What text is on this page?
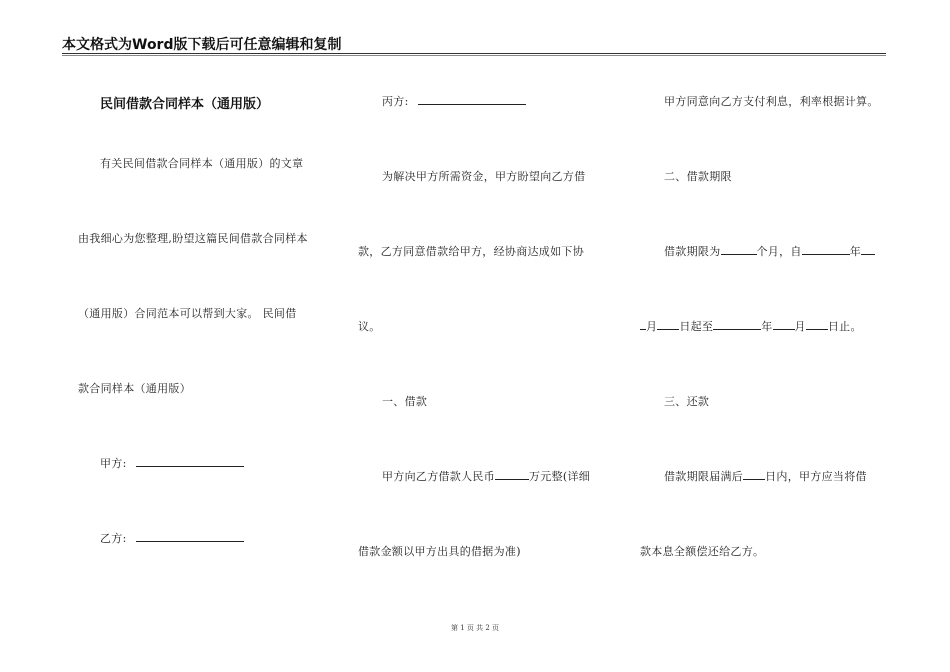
本文格式为Word版下载后可任意编辑和复制
民间借款合同样本（通用版）
有关民间借款合同样本（通用版）的文章
由我细心为您整理,盼望这篇民间借款合同样本
（通用版）合同范本可以帮到大家。 民间借
款合同样本（通用版）
甲方:
乙方:
丙方:
为解决甲方所需资金，甲方盼望向乙方借
款，乙方同意借款给甲方，经协商达成如下协
议。
一、借款
甲方向乙方借款人民币	万元整(详细
借款金额以甲方出具的借据为准)
甲方同意向乙方支付利息，利率根据计算。
二、借款期限
借款期限为	个月，自	年
月 日起至	年 月 日止。
三、还款
借款期限届满后 日内，甲方应当将借
款本息全额偿还给乙方。
第 1 页 共 2 页
